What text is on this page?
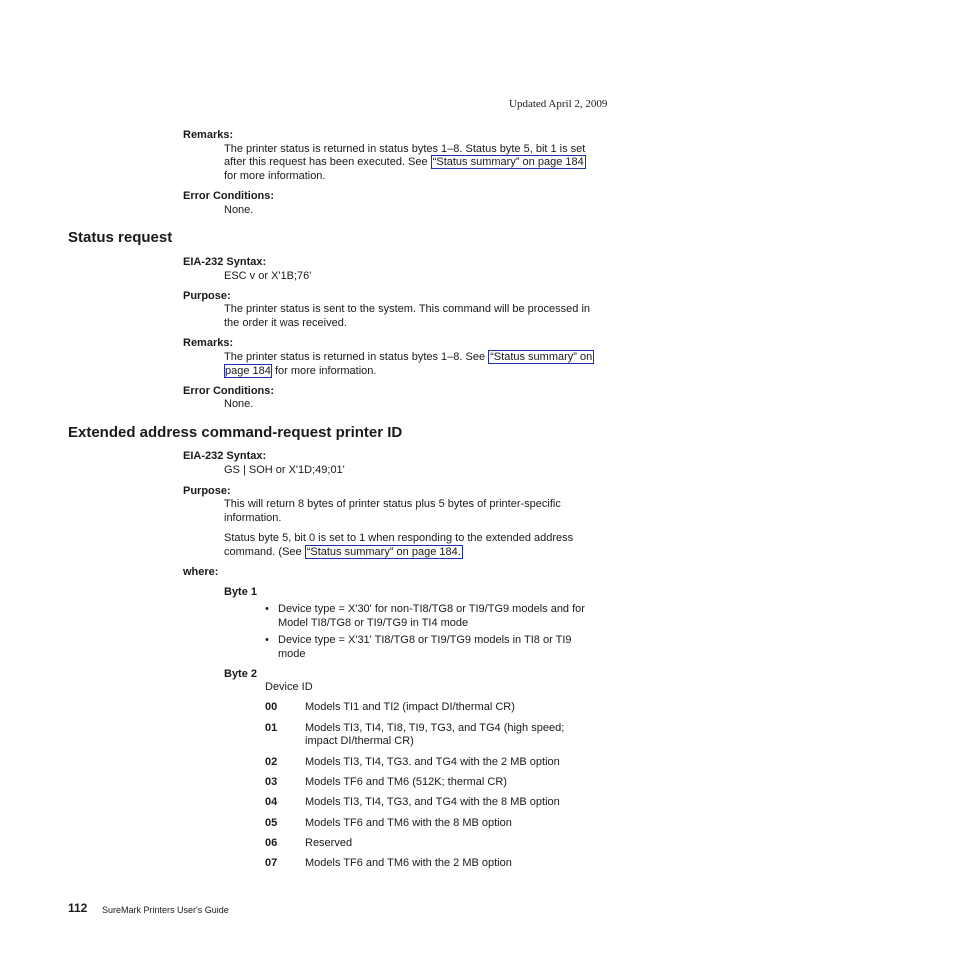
Updated April 2, 2009
Remarks:
The printer status is returned in status bytes 1–8. Status byte 5, bit 1 is set
after this request has been executed. See “Status summary” on page 184
for more information.
Error Conditions:
None.
Status request
EIA-232 Syntax:
ESC v or X'1B;76'
Purpose:
The printer status is sent to the system. This command will be processed in
the order it was received.
Remarks:
The printer status is returned in status bytes 1–8. See “Status summary” on
page 184 for more information.
Error Conditions:
None.
Extended address command-request printer ID
EIA-232 Syntax:
GS | SOH or X'1D;49;01'
Purpose:
This will return 8 bytes of printer status plus 5 bytes of printer-specific
information.
Status byte 5, bit 0 is set to 1 when responding to the extended address
command. (See “Status summary” on page 184.
where:
Byte 1
• Device type = X'30' for non-TI8/TG8 or TI9/TG9 models and for
Model TI8/TG8 or TI9/TG9 in TI4 mode
• Device type = X'31' TI8/TG8 or TI9/TG9 models in TI8 or TI9
mode
Byte 2
Device ID
00	Models TI1 and TI2 (impact DI/thermal CR)
01	Models TI3, TI4, TI8, TI9, TG3, and TG4 (high speed;
impact DI/thermal CR)
02	Models TI3, TI4, TG3. and TG4 with the 2 MB option
03	Models TF6 and TM6 (512K; thermal CR)
04	Models TI3, TI4, TG3, and TG4 with the 8 MB option
05	Models TF6 and TM6 with the 8 MB option
06	Reserved
07	Models TF6 and TM6 with the 2 MB option
112 SureMark Printers User's Guide
